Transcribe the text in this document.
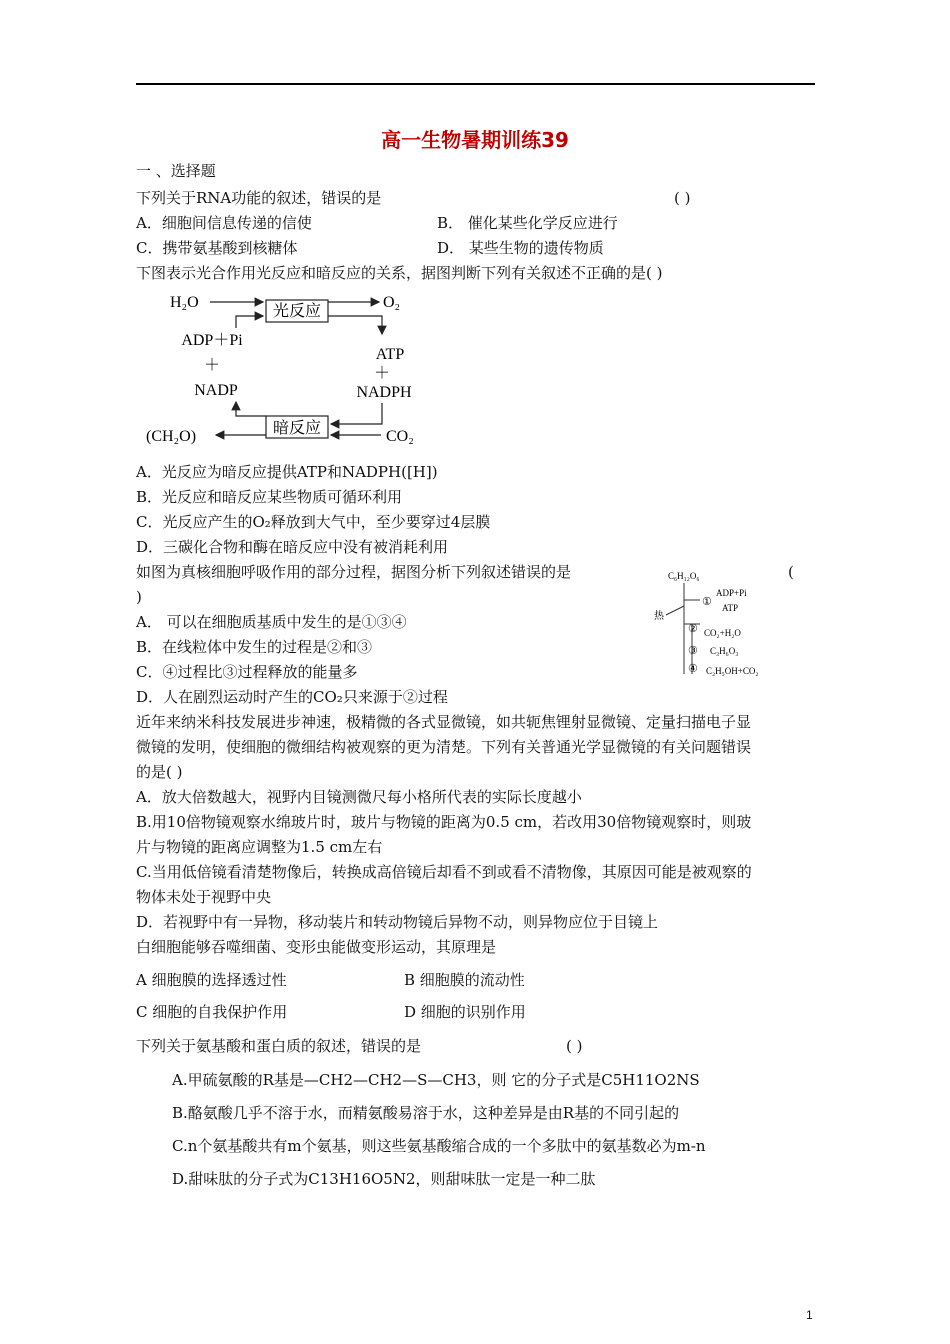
高一生物暑期训练39
一 、选择题
下列关于RNA功能的叙述，错误的是	( )
A．细胞间信息传递的信使	B． 催化某些化学反应进行
C．携带氨基酸到核糖体	D． 某些生物的遗传物质
下图表示光合作用光反应和暗反应的关系，据图判断下列有关叙述不正确的是( )
H₂O
光反应
O₂
ADP＋Pi
＋
NADP
ATP
＋
NADPH
暗反应	CO₂
(CH₂O)
A．光反应为暗反应提供ATP和NADPH([H])
B．光反应和暗反应某些物质可循环利用
C．光反应产生的O₂释放到大气中，至少要穿过4层膜
D．三碳化合物和酶在暗反应中没有被消耗利用
如图为真核细胞呼吸作用的部分过程，据图分析下列叙述错误的是	(
)
C₆H₁₂O₆
热
①
ADP+Pi
ATP
② CO₂+H₂O
③ C₃H₆O₃
④ C₂H₅OH+CO₂
A． 可以在细胞质基质中发生的是①③④
B．在线粒体中发生的过程是②和③
C．④过程比③过程释放的能量多
D．人在剧烈运动时产生的CO₂只来源于②过程
近年来纳米科技发展进步神速，极精微的各式显微镜，如共轭焦锂射显微镜、定量扫描电子显
微镜的发明，使细胞的微细结构被观察的更为清楚。下列有关普通光学显微镜的有关问题错误
的是( )
A．放大倍数越大，视野内目镜测微尺每小格所代表的实际长度越小
B.用10倍物镜观察水绵玻片时，玻片与物镜的距离为0.5 cm，若改用30倍物镜观察时，则玻
片与物镜的距离应调整为1.5 cm左右
C.当用低倍镜看清楚物像后，转换成高倍镜后却看不到或看不清物像，其原因可能是被观察的
物体未处于视野中央
D．若视野中有一异物，移动装片和转动物镜后异物不动，则异物应位于目镜上
白细胞能够吞噬细菌、变形虫能做变形运动，其原理是
A 细胞膜的选择透过性	B 细胞膜的流动性
C 细胞的自我保护作用	D 细胞的识别作用
下列关于氨基酸和蛋白质的叙述，错误的是	( )
A.甲硫氨酸的R基是—CH2—CH2—S—CH3，则 它的分子式是C5H11O2NS
B.酪氨酸几乎不溶于水，而精氨酸易溶于水，这种差异是由R基的不同引起的
C.n个氨基酸共有m个氨基，则这些氨基酸缩合成的一个多肽中的氨基数必为m-n
D.甜味肽的分子式为C13H16O5N2，则甜味肽一定是一种二肽
1
